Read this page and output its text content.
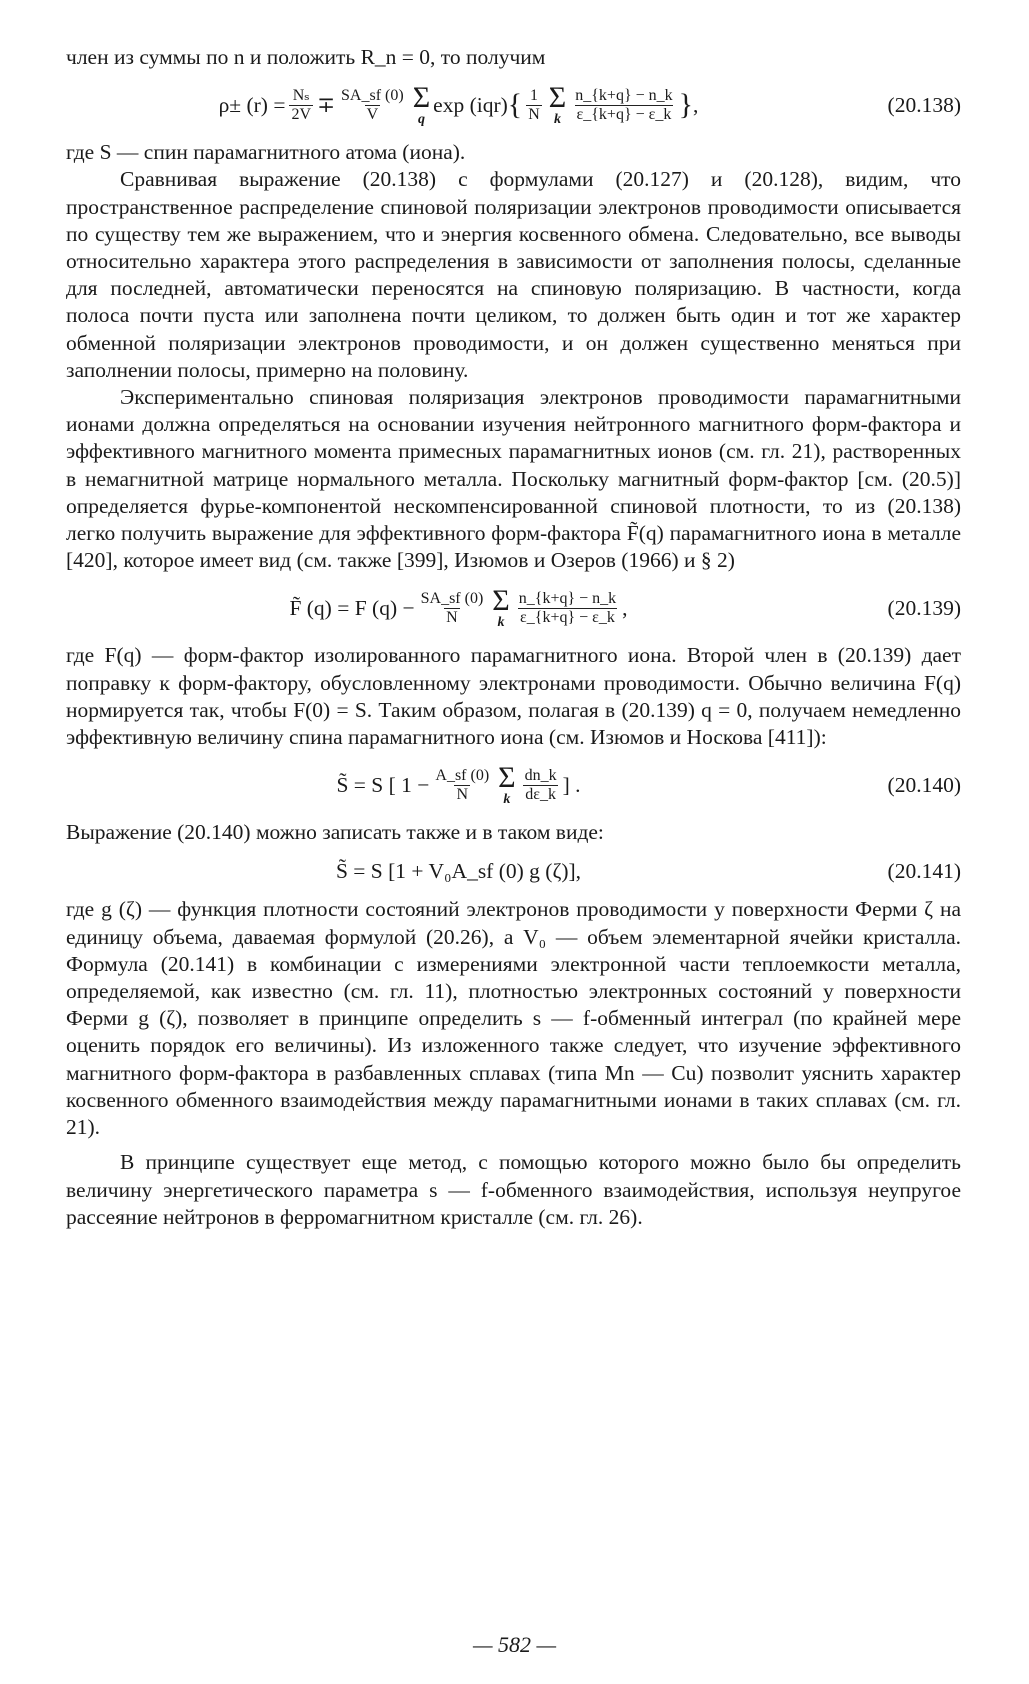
член из суммы по n и положить R_n = 0, то получим

$\rho\pm (r) = \frac{\text{Nₛ}}{2V} \mp \frac{SA\_sf (0)}{V}$ Σ
q
exp (iqr) { $\frac{1}{N}$ Σ
k $\frac{n\_\{k+q\} - n\_k}{\varepsilon\_\{k+q\} - \varepsilon\_k}$ } ,	(20.138)

где S — спин парамагнитного атома (иона).

Сравнивая выражение (20.138) с формулами (20.127) и (20.128), видим, что пространственное распределение спиновой поляризации электронов проводимости описывается по существу тем же выражением, что и энергия косвенного обмена. Следовательно, все выводы относительно характера этого распределения в зависимости от заполнения полосы, сделанные для последней, автоматически переносятся на спиновую поляризацию. В частности, когда полоса почти пуста или заполнена почти целиком, то должен быть один и тот же характер обменной поляризации электронов проводимости, и он должен существенно меняться при заполнении полосы, примерно на половину.

Экспериментально спиновая поляризация электронов проводимости парамагнитными ионами должна определяться на основании изучения нейтронного магнитного форм-фактора и эффективного магнитного момента примесных парамагнитных ионов (см. гл. 21), растворенных в немагнитной матрице нормального металла. Поскольку магнитный форм-фактор [см. (20.5)] определяется фурье-компонентой нескомпенсированной спиновой плотности, то из (20.138) легко получить выражение для эффективного форм-фактора F̃(q) парамагнитного иона в металле [420], которое имеет вид (см. также [399], Изюмов и Озеров (1966) и § 2)

F̃ (q) = F $(q) - \frac{SA\_sf (0)}{N}$ Σ
k $\frac{n\_\{k+q\} - n\_k}{\varepsilon\_\{k+q\} - \varepsilon\_k}$ ,	(20.139)

где F(q) — форм-фактор изолированного парамагнитного иона. Второй член в (20.139) дает поправку к форм-фактору, обусловленному электронами проводимости. Обычно величина F(q) нормируется так, чтобы F(0) = S. Таким образом, полагая в (20.139) q = 0, получаем немедленно эффективную величину спина парамагнитного иона (см. Изюмов и Носкова [411]):

S̃ = S [ $1 - \frac{A\_sf (0)}{N}$ Σ
k $\frac{dn\_k}{d\varepsilon\_k}$ ] .	(20.140)

Выражение (20.140) можно записать также и в таком виде:

S̃ = S [1 + V₀A_sf (0) g (ζ)],	(20.141)

где g (ζ) — функция плотности состояний электронов проводимости у поверхности Ферми ζ на единицу объема, даваемая формулой (20.26), а V₀ — объем элементарной ячейки кристалла. Формула (20.141) в комбинации с измерениями электронной части теплоемкости металла, определяемой, как известно (см. гл. 11), плотностью электронных состояний у поверхности Ферми g (ζ), позволяет в принципе определить s — f-обменный интеграл (по крайней мере оценить порядок его величины). Из изложенного также следует, что изучение эффективного магнитного форм-фактора в разбавленных сплавах (типа Mn — Cu) позволит уяснить характер косвенного обменного взаимодействия между парамагнитными ионами в таких сплавах (см. гл. 21).

В принципе существует еще метод, с помощью которого можно было бы определить величину энергетического параметра s — f-обменного взаимодействия, используя неупругое рассеяние нейтронов в ферромагнитном кристалле (см. гл. 26).

— 582 —
